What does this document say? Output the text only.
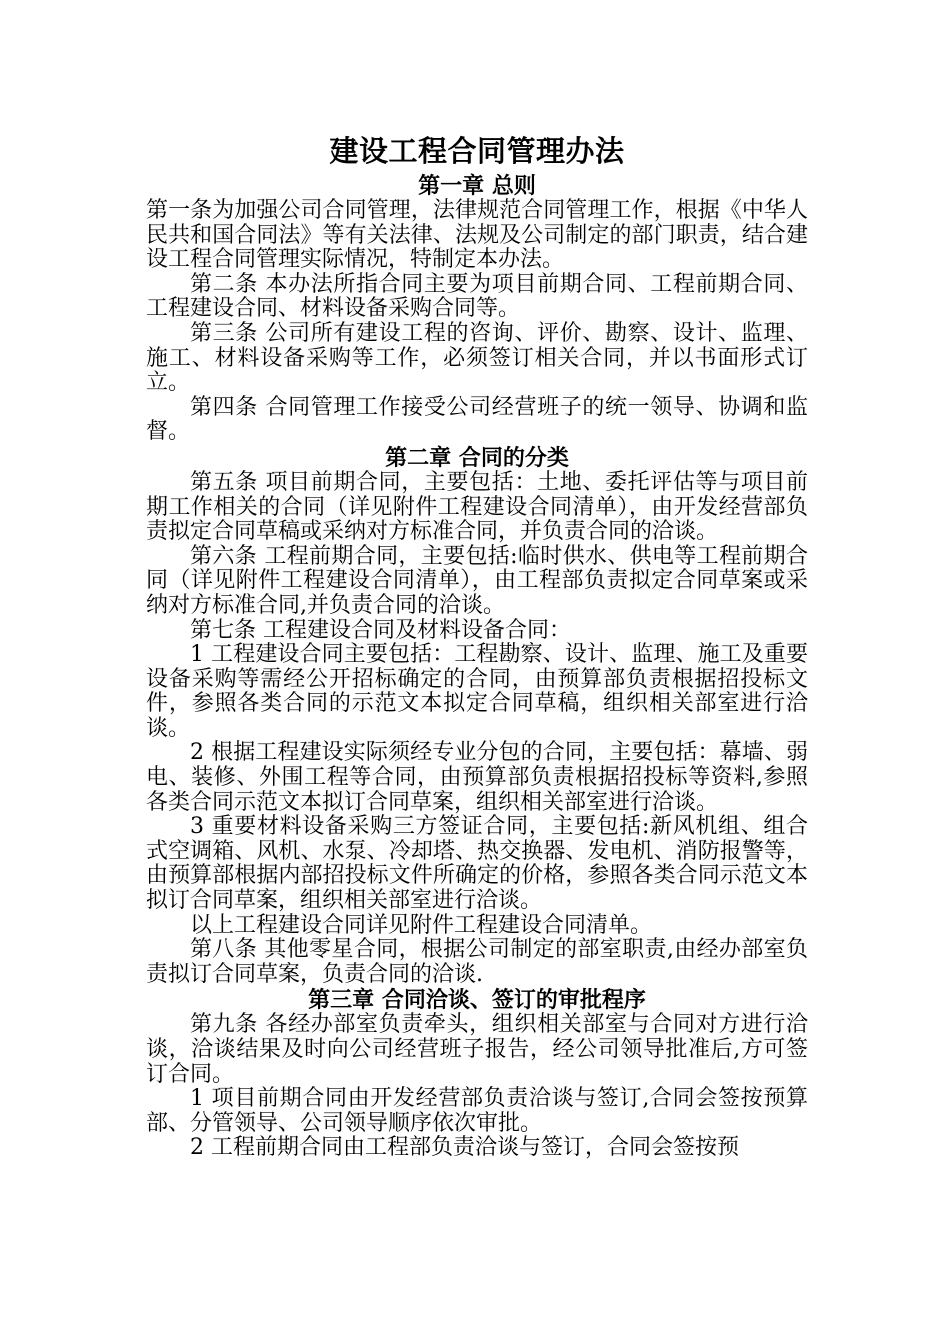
建设工程合同管理办法
第一章 总则

第一条为加强公司合同管理，法律规范合同管理工作，根据《中华人民共和国合同法》等有关法律、法规及公司制定的部门职责，结合建设工程合同管理实际情况，特制定本办法。

第二条 本办法所指合同主要为项目前期合同、工程前期合同、工程建设合同、材料设备采购合同等。

第三条 公司所有建设工程的咨询、评价、勘察、设计、监理、施工、材料设备采购等工作，必须签订相关合同，并以书面形式订立。

第四条 合同管理工作接受公司经营班子的统一领导、协调和监督。

第二章 合同的分类

第五条 项目前期合同，主要包括：土地、委托评估等与项目前期工作相关的合同（详见附件工程建设合同清单），由开发经营部负责拟定合同草稿或采纳对方标准合同，并负责合同的洽谈。

第六条 工程前期合同，主要包括:临时供水、供电等工程前期合同（详见附件工程建设合同清单），由工程部负责拟定合同草案或采纳对方标准合同,并负责合同的洽谈。

第七条 工程建设合同及材料设备合同：

1 工程建设合同主要包括：工程勘察、设计、监理、施工及重要设备采购等需经公开招标确定的合同，由预算部负责根据招投标文件，参照各类合同的示范文本拟定合同草稿，组织相关部室进行洽谈。

2 根据工程建设实际须经专业分包的合同，主要包括：幕墙、弱电、装修、外围工程等合同，由预算部负责根据招投标等资料,参照各类合同示范文本拟订合同草案，组织相关部室进行洽谈。

3 重要材料设备采购三方签证合同，主要包括:新风机组、组合式空调箱、风机、水泵、冷却塔、热交换器、发电机、消防报警等，由预算部根据内部招投标文件所确定的价格，参照各类合同示范文本拟订合同草案，组织相关部室进行洽谈。

以上工程建设合同详见附件工程建设合同清单。

第八条 其他零星合同，根据公司制定的部室职责,由经办部室负责拟订合同草案，负责合同的洽谈.

第三章 合同洽谈、签订的审批程序

第九条 各经办部室负责牵头，组织相关部室与合同对方进行洽谈，洽谈结果及时向公司经营班子报告，经公司领导批准后,方可签订合同。

1 项目前期合同由开发经营部负责洽谈与签订,合同会签按预算部、分管领导、公司领导顺序依次审批。

2 工程前期合同由工程部负责洽谈与签订，合同会签按预
